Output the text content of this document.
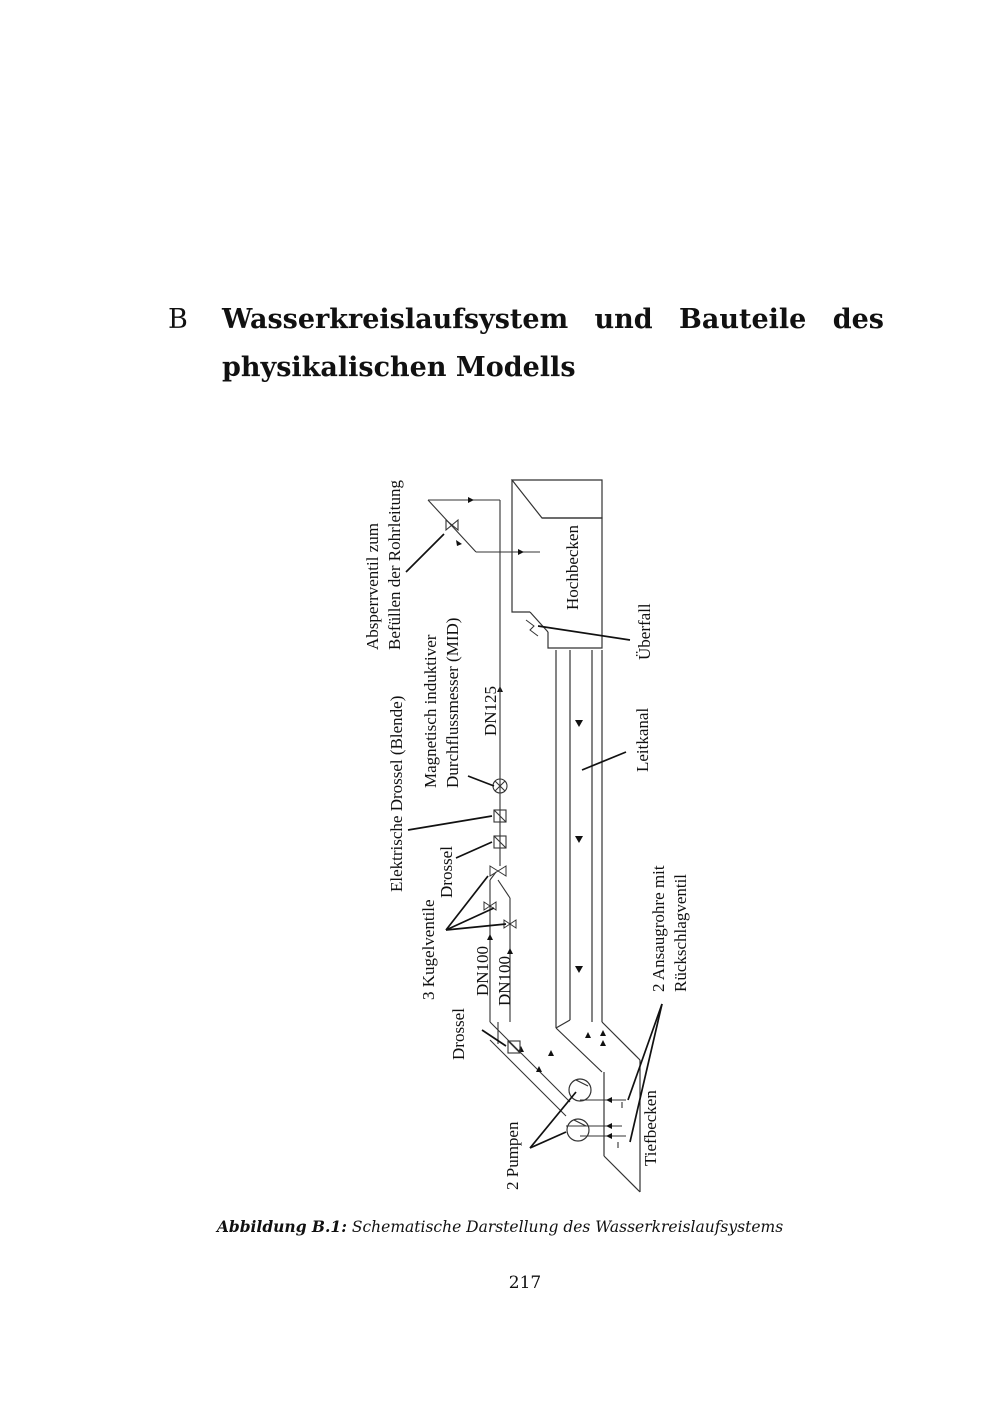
B Wasserkreislaufsystem und Bauteile des
physikalischen Modells
Absperrventil zum Befüllen der Rohrleitung	Hochbecken
Überfall
Leitkanal
Magnetisch induktiver Durchflussmesser (MID) DN125
Elektrische Drossel (Blende) Drossel
3 Kugelventile DN100 DN100
Drossel
2 Ansaugrohre mit Rückschlagventil
2 Pumpen	Tiefbecken
Abbildung B.1: Schematische Darstellung des Wasserkreislaufsystems
217
